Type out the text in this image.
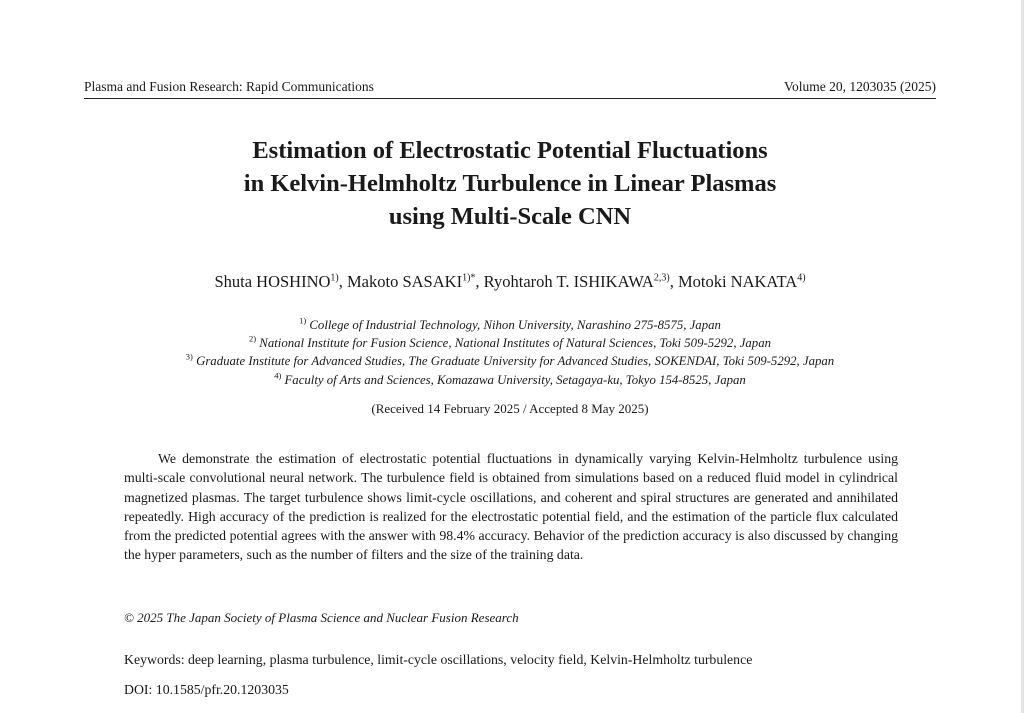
Plasma and Fusion Research: Rapid Communications	Volume 20, 1203035 (2025)
Estimation of Electrostatic Potential Fluctuations
in Kelvin-Helmholtz Turbulence in Linear Plasmas
using Multi-Scale CNN
Shuta HOSHINO$^{1)}$, Makoto $SASAKI^{1)*}$, Ryohtaroh T. ISHIKAWA$^{2,3)}$, Motoki NAKATA$^{4)}$
$^{1)}$ College of Industrial Technology, Nihon University, Narashino 275-8575, Japan
$^{2)}$ National Institute for Fusion Science, National Institutes of Natural Sciences, Toki 509-5292, Japan
$^{3)}$ Graduate Institute for Advanced Studies, The Graduate University for Advanced Studies, SOKENDAI, Toki 509-5292, Japan
$^{4)}$ Faculty of Arts and Sciences, Komazawa University, Setagaya-ku, Tokyo 154-8525, Japan
(Received 14 February 2025 / Accepted 8 May 2025)

We demonstrate the estimation of electrostatic potential fluctuations in dynamically varying Kelvin-Helmholtz turbulence using multi-scale convolutional neural network. The turbulence field is obtained from simulations based on a reduced fluid model in cylindrical magnetized plasmas. The target turbulence shows limit-cycle oscillations, and coherent and spiral structures are generated and annihilated repeatedly. High accuracy of the prediction is realized for the electrostatic potential field, and the estimation of the particle flux calculated from the predicted potential agrees with the answer with 98.4% accuracy. Behavior of the prediction accuracy is also discussed by changing the hyper parameters, such as the number of filters and the size of the training data.

© 2025 The Japan Society of Plasma Science and Nuclear Fusion Research
Keywords: deep learning, plasma turbulence, limit-cycle oscillations, velocity field, Kelvin-Helmholtz turbulence
DOI: 10.1585/pfr.20.1203035
